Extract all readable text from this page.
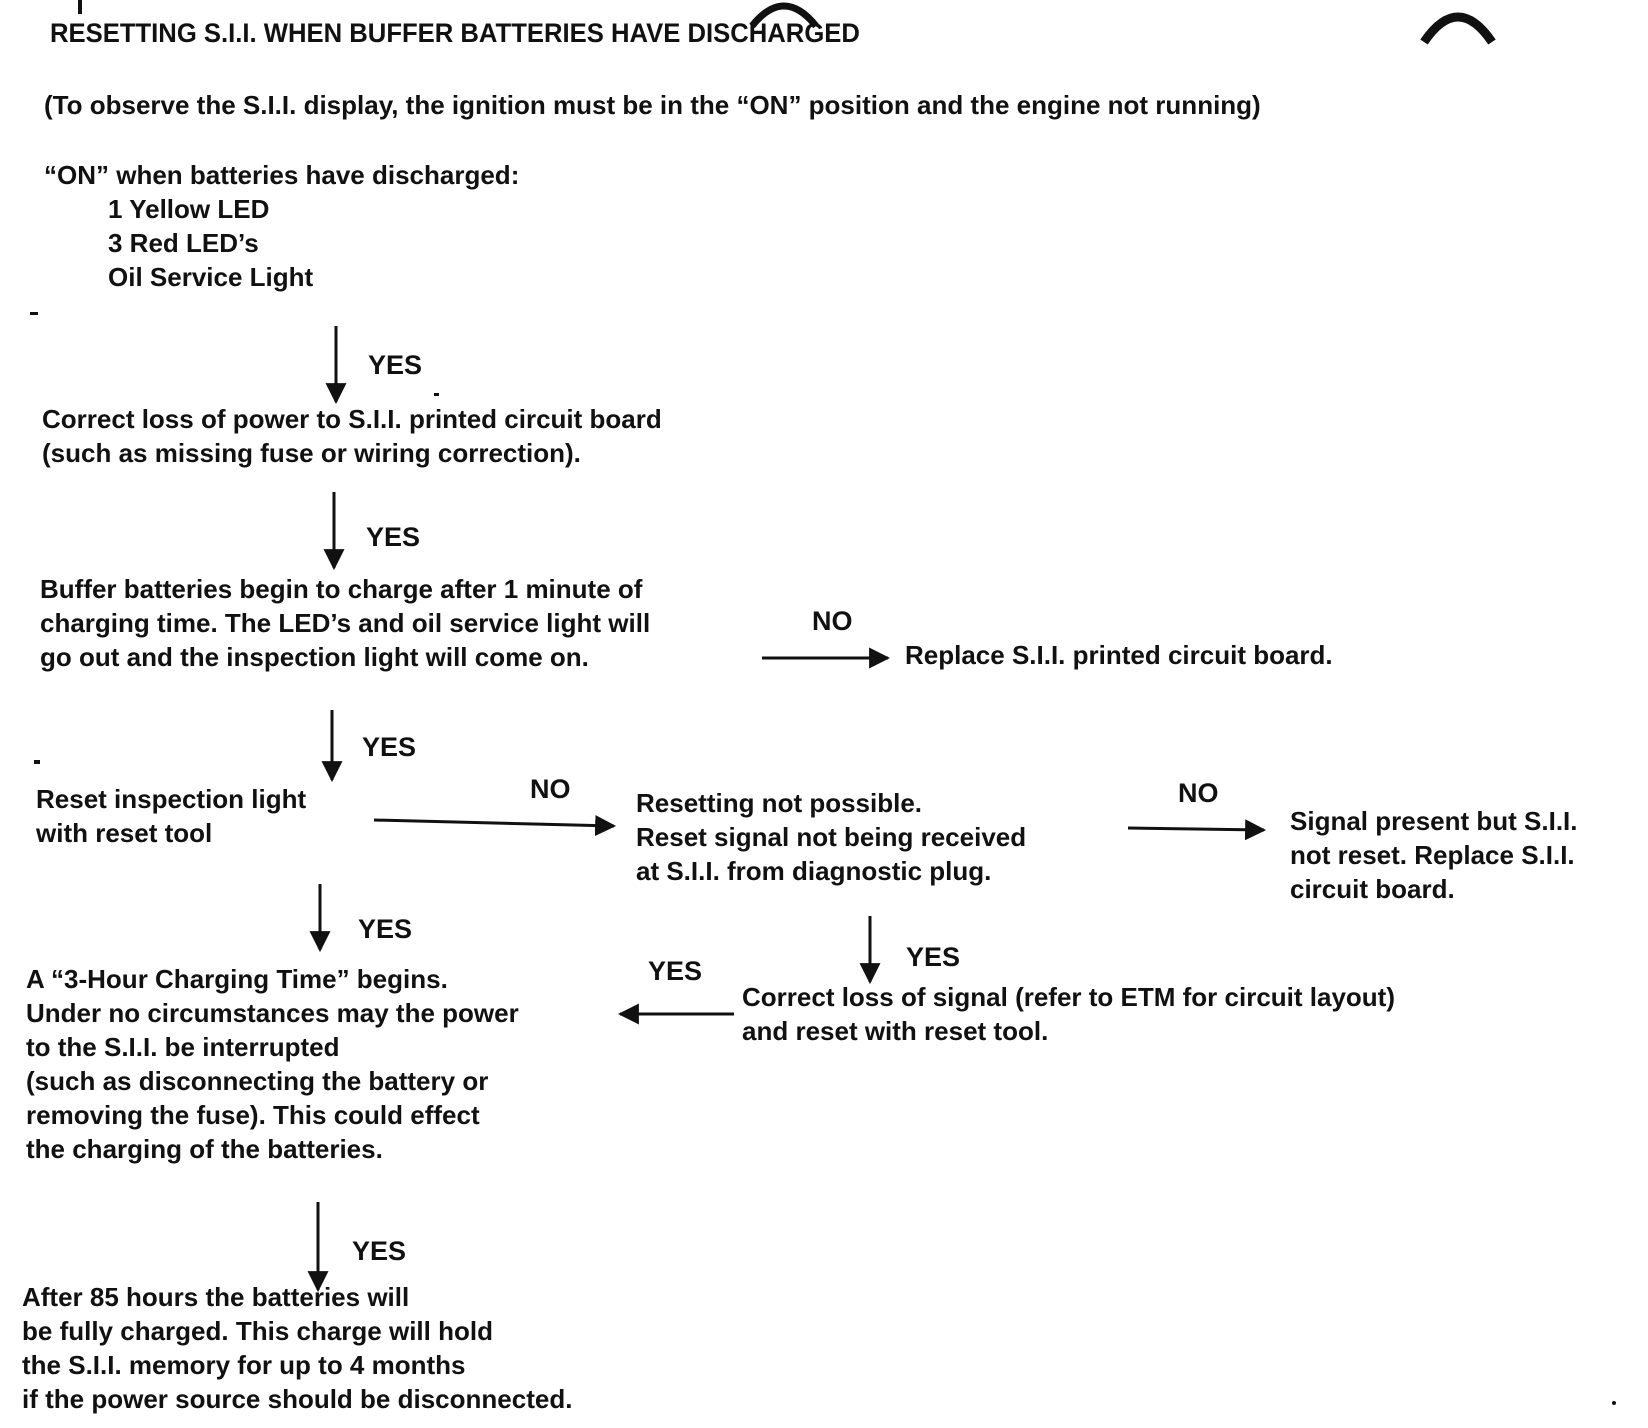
RESETTING S.I.I. WHEN BUFFER BATTERIES HAVE DISCHARGED
(To observe the S.I.I. display, the ignition must be in the “ON” position and the engine not running)
“ON” when batteries have discharged:
1 Yellow LED
3 Red LED’s
Oil Service Light
Correct loss of power to S.I.I. printed circuit board
(such as missing fuse or wiring correction).
Buffer batteries begin to charge after 1 minute of
charging time. The LED’s and oil service light will
go out and the inspection light will come on.	Replace S.I.I. printed circuit board.
Reset inspection light
with reset tool
Resetting not possible.
Reset signal not being received
at S.I.I. from diagnostic plug.
Signal present but S.I.I.
not reset. Replace S.I.I.
circuit board.
Correct loss of signal (refer to ETM for circuit layout)
and reset with reset tool.
A “3-Hour Charging Time” begins.
Under no circumstances may the power
to the S.I.I. be interrupted
(such as disconnecting the battery or
removing the fuse). This could effect
the charging of the batteries.
After 85 hours the batteries will
be fully charged. This charge will hold
the S.I.I. memory for up to 4 months
if the power source should be disconnected.
YES
YES
NO
YES
NO	NO
YES
YES
YES
YES
